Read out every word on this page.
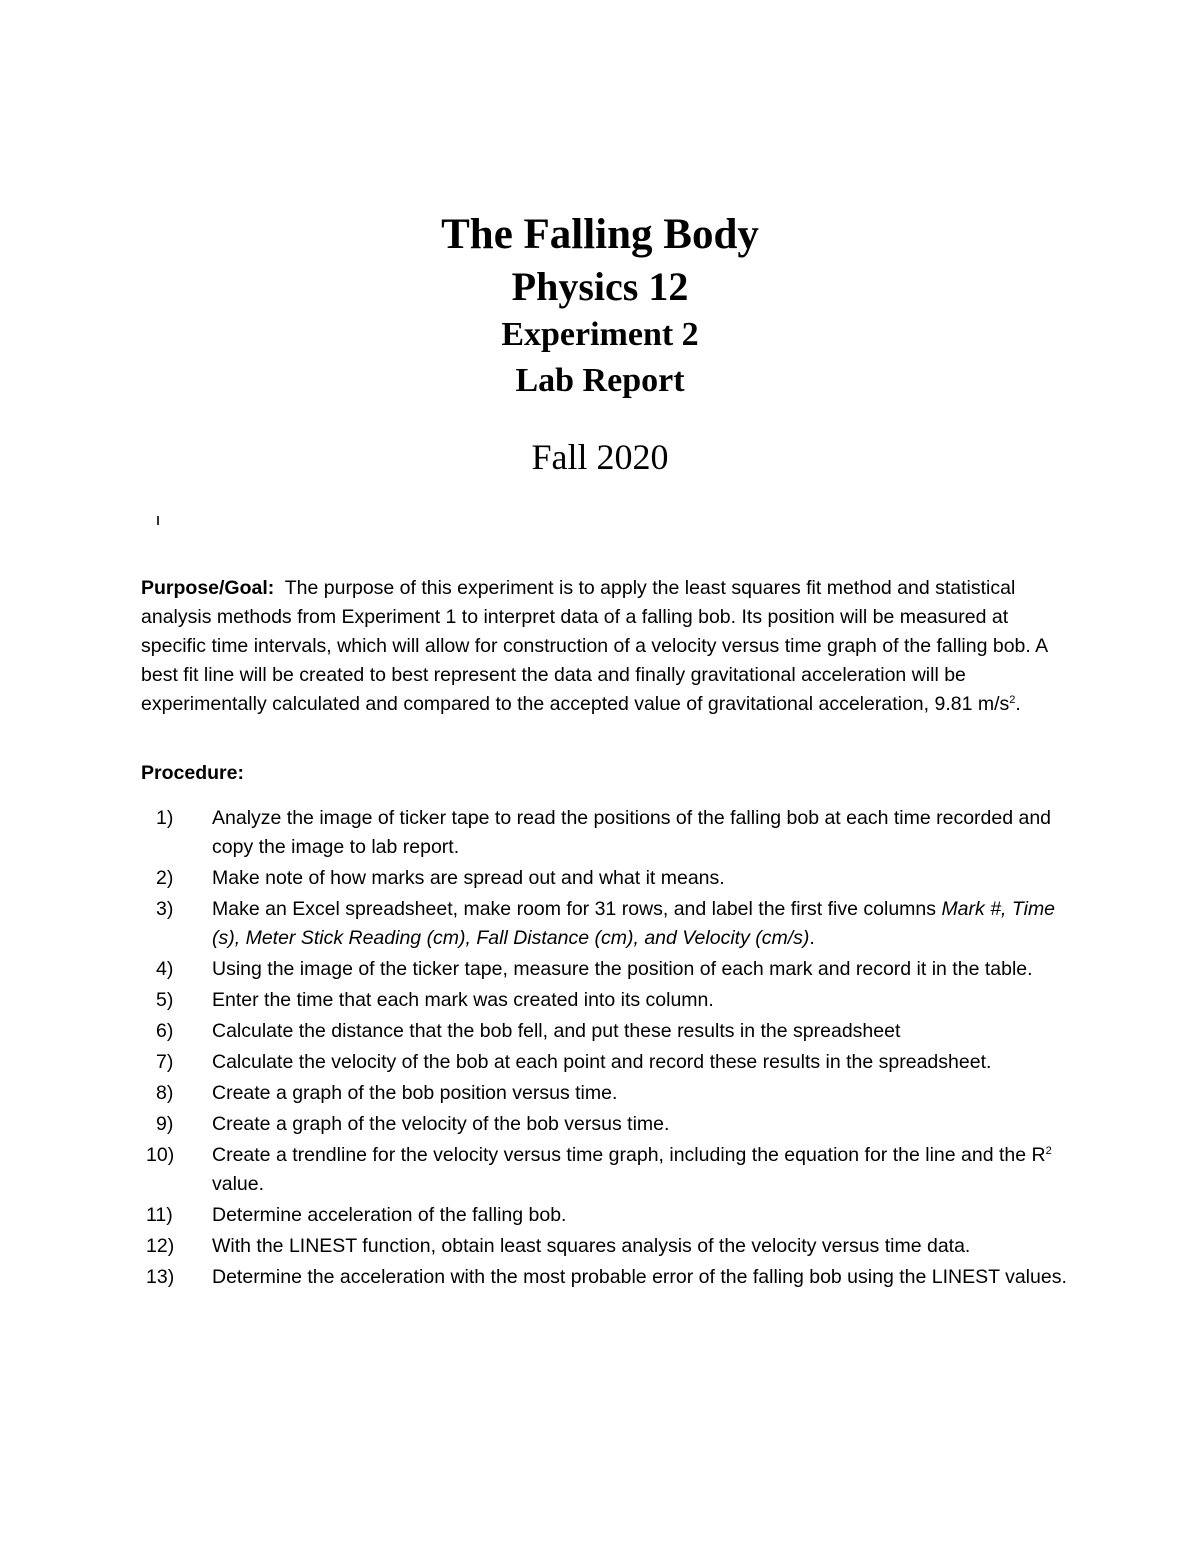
The Falling Body
Physics 12
Experiment 2
Lab Report
Fall 2020

Purpose/Goal: The purpose of this experiment is to apply the least squares fit method and statistical analysis methods from Experiment 1 to interpret data of a falling bob. Its position will be measured at specific time intervals, which will allow for construction of a velocity versus time graph of the falling bob. A best fit line will be created to best represent the data and finally gravitational acceleration will be experimentally calculated and compared to the accepted value of gravitational acceleration, 9.81 $m/s^2$.

Procedure:
1)	Analyze the image of ticker tape to read the positions of the falling bob at each time recorded and copy the image to lab report.
2)	Make note of how marks are spread out and what it means.
3)	Make an Excel spreadsheet, make room for 31 rows, and label the first five columns Mark #, Time (s), Meter Stick Reading (cm), Fall Distance (cm), and Velocity (cm/s).
4)	Using the image of the ticker tape, measure the position of each mark and record it in the table.
5)	Enter the time that each mark was created into its column.
6)	Calculate the distance that the bob fell, and put these results in the spreadsheet
7)	Calculate the velocity of the bob at each point and record these results in the spreadsheet.
8)	Create a graph of the bob position versus time.
9)	Create a graph of the velocity of the bob versus time.
10)	Create a trendline for the velocity versus time graph, including the equation for the line and the $R^2$ value.
11)	Determine acceleration of the falling bob.
12)	With the LINEST function, obtain least squares analysis of the velocity versus time data.
13)	Determine the acceleration with the most probable error of the falling bob using the LINEST values.
